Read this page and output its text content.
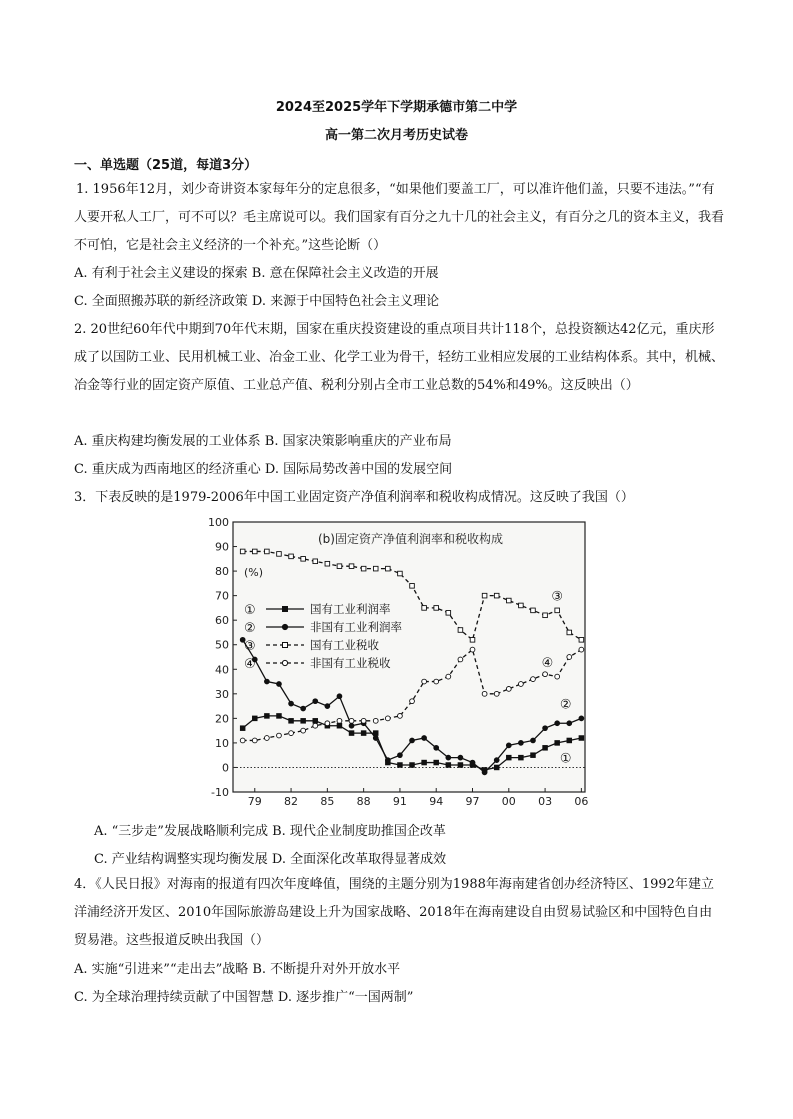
2024至2025学年下学期承德市第二中学
高一第二次月考历史试卷
一、单选题（25道，每道3分）

1. 1956年12月，刘少奇讲资本家每年分的定息很多，“如果他们要盖工厂，可以准许他们盖，只要不违法。”“有人要开私人工厂，可不可以？毛主席说可以。我们国家有百分之九十几的社会主义，有百分之几的资本主义，我看不可怕，它是社会主义经济的一个补充。”这些论断（）

A. 有利于社会主义建设的探索 B. 意在保障社会主义改造的开展
C. 全面照搬苏联的新经济政策 D. 来源于中国特色社会主义理论

2. 20世纪60年代中期到70年代末期，国家在重庆投资建设的重点项目共计118个，总投资额达42亿元，重庆形成了以国防工业、民用机械工业、冶金工业、化学工业为骨干，轻纺工业相应发展的工业结构体系。其中，机械、冶金等行业的固定资产原值、工业总产值、税利分别占全市工业总数的54%和49%。这反映出（）

A. 重庆构建均衡发展的工业体系 B. 国家决策影响重庆的产业布局
C. 重庆成为西南地区的经济重心 D. 国际局势改善中国的发展空间
3．下表反映的是1979-2006年中国工业固定资产净值利润率和税收构成情况。这反映了我国（）
(b)固定资产净值利润率和税收构成
(%)
100
90
80
70
60
50
40
30
20
10
0
-10
79 82 85 88 91 94 97 00 03 06
①	国有工业利润率
②	非国有工业利润率
③	国有工业税收
④	非国有工业税收
①
②
③
④
A. “三步走”发展战略顺利完成 B. 现代企业制度助推国企改革
C. 产业结构调整实现均衡发展 D. 全面深化改革取得显著成效

4．《人民日报》对海南的报道有四次年度峰值，围绕的主题分别为1988年海南建省创办经济特区、1992年建立洋浦经济开发区、2010年国际旅游岛建设上升为国家战略、2018年在海南建设自由贸易试验区和中国特色自由贸易港。这些报道反映出我国（）

A. 实施“引进来”“走出去”战略 B. 不断提升对外开放水平
C. 为全球治理持续贡献了中国智慧 D. 逐步推广“一国两制”
